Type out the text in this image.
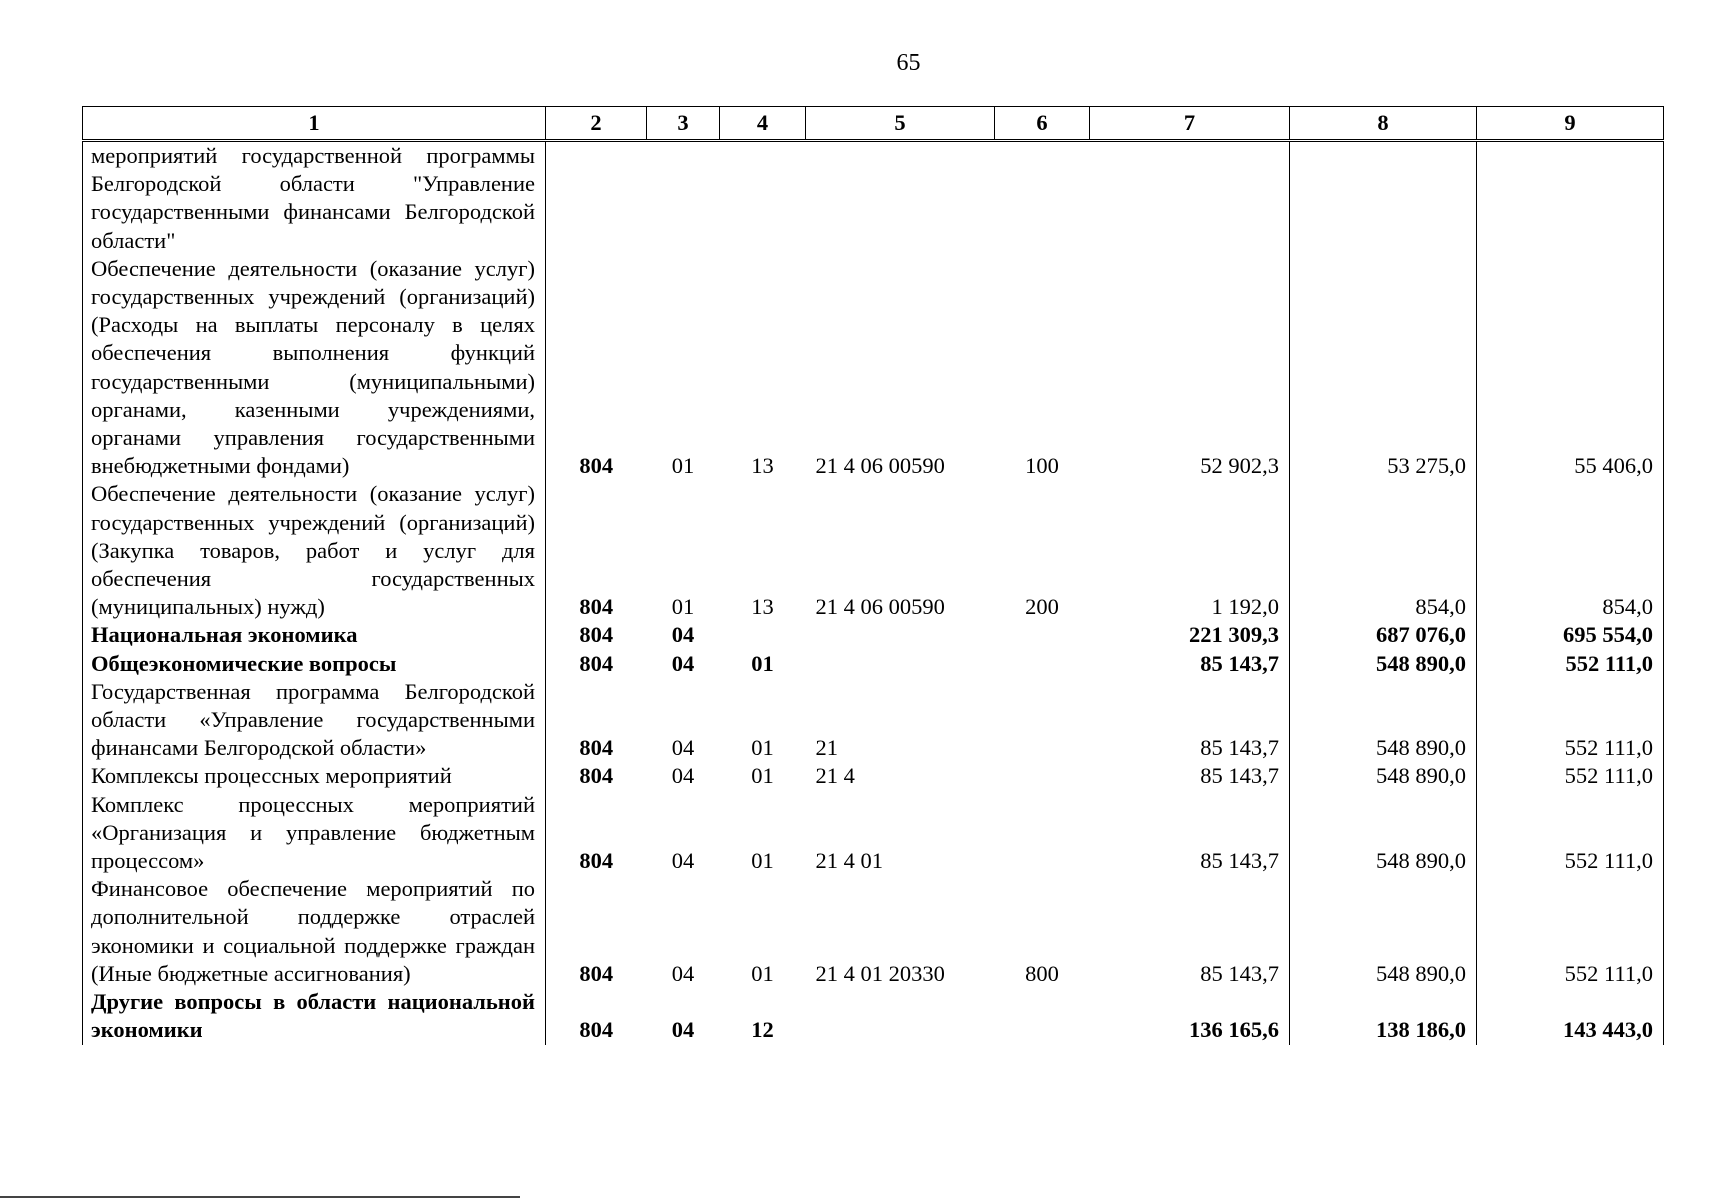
65
1	2	3	4	5	6	7	8	9
мероприятий государственной программы Белгородской области "Управление государственными финансами Белгородской области"								
Обеспечение деятельности (оказание услуг) государственных учреждений (организаций) (Расходы на выплаты персоналу в целях обеспечения выполнения функций государственными (муниципальными) органами, казенными учреждениями, органами управления государственными внебюджетными фондами)	804	01	13	21 4 06 00590	100	52 902,3	53 275,0	55 406,0
Обеспечение деятельности (оказание услуг) государственных учреждений (организаций) (Закупка товаров, работ и услуг для обеспечения государственных (муниципальных) нужд)	804	01	13	21 4 06 00590	200	1 192,0	854,0	854,0
Национальная экономика	804	04				221 309,3	687 076,0	695 554,0
Общеэкономические вопросы	804	04	01			85 143,7	548 890,0	552 111,0
Государственная программа Белгородской области «Управление государственными финансами Белгородской области»	804	04	01	21		85 143,7	548 890,0	552 111,0
Комплексы процессных мероприятий	804	04	01	21 4		85 143,7	548 890,0	552 111,0
Комплекс процессных мероприятий «Организация и управление бюджетным процессом»	804	04	01	21 4 01		85 143,7	548 890,0	552 111,0
Финансовое обеспечение мероприятий по дополнительной поддержке отраслей экономики и социальной поддержке граждан (Иные бюджетные ассигнования)	804	04	01	21 4 01 20330	800	85 143,7	548 890,0	552 111,0
Другие вопросы в области национальной экономики	804	04	12			136 165,6	138 186,0	143 443,0
